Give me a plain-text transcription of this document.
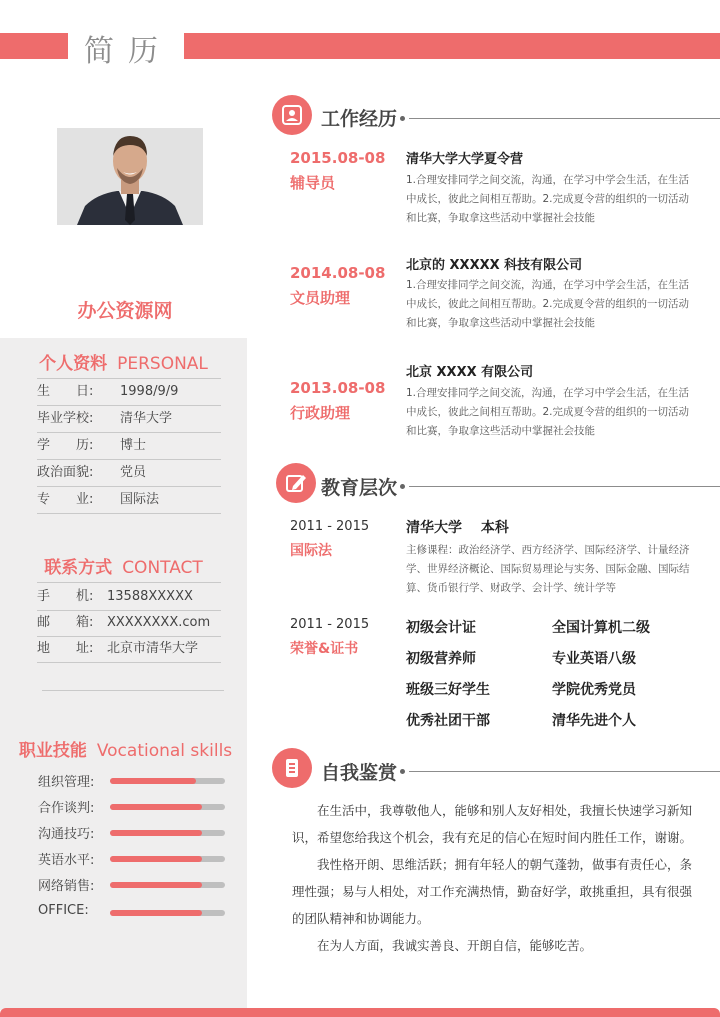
简历
办公资源网
个人资料 PERSONAL
生　　日: 1998/9/9
毕业学校: 清华大学
学　　历: 博士
政治面貌: 党员
专　　业: 国际法
联系方式 CONTACT
手　　机: 13588XXXXX
邮　　箱: XXXXXXXX.com
地　　址: 北京市清华大学
职业技能 Vocational skills
组织管理:
合作谈判:
沟通技巧:
英语水平:
网络销售:
OFFICE:
工作经历
2015.08-08
辅导员
清华大学大学夏令营
1.合理安排同学之间交流，沟通，在学习中学会生活，在生活中成长，彼此之间相互帮助。2.完成夏令营的组织的一切活动和比赛，争取拿这些活动中掌握社会技能
2014.08-08
文员助理
北京的 XXXXX 科技有限公司
1.合理安排同学之间交流，沟通，在学习中学会生活，在生活中成长，彼此之间相互帮助。2.完成夏令营的组织的一切活动和比赛，争取拿这些活动中掌握社会技能
2013.08-08
行政助理
北京 XXXX 有限公司
1.合理安排同学之间交流，沟通，在学习中学会生活，在生活中成长，彼此之间相互帮助。2.完成夏令营的组织的一切活动和比赛，争取拿这些活动中掌握社会技能
教育层次
2011 - 2015
国际法
清华大学 本科
主修课程：政治经济学、西方经济学、国际经济学、计量经济学、世界经济概论、国际贸易理论与实务、国际金融、国际结算、货币银行学、财政学、会计学、统计学等
2011 - 2015
荣誉&证书
初级会计证	全国计算机二级
初级营养师	专业英语八级
班级三好学生	学院优秀党员
优秀社团干部	清华先进个人
自我鉴赏
在生活中，我尊敬他人，能够和别人友好相处，我擅长快速学习新知识，希望您给我这个机会，我有充足的信心在短时间内胜任工作，谢谢。
我性格开朗、思维活跃；拥有年轻人的朝气蓬勃，做事有责任心，条理性强；易与人相处，对工作充满热情，勤奋好学，敢挑重担，具有很强的团队精神和协调能力。
在为人方面，我诚实善良、开朗自信，能够吃苦。
